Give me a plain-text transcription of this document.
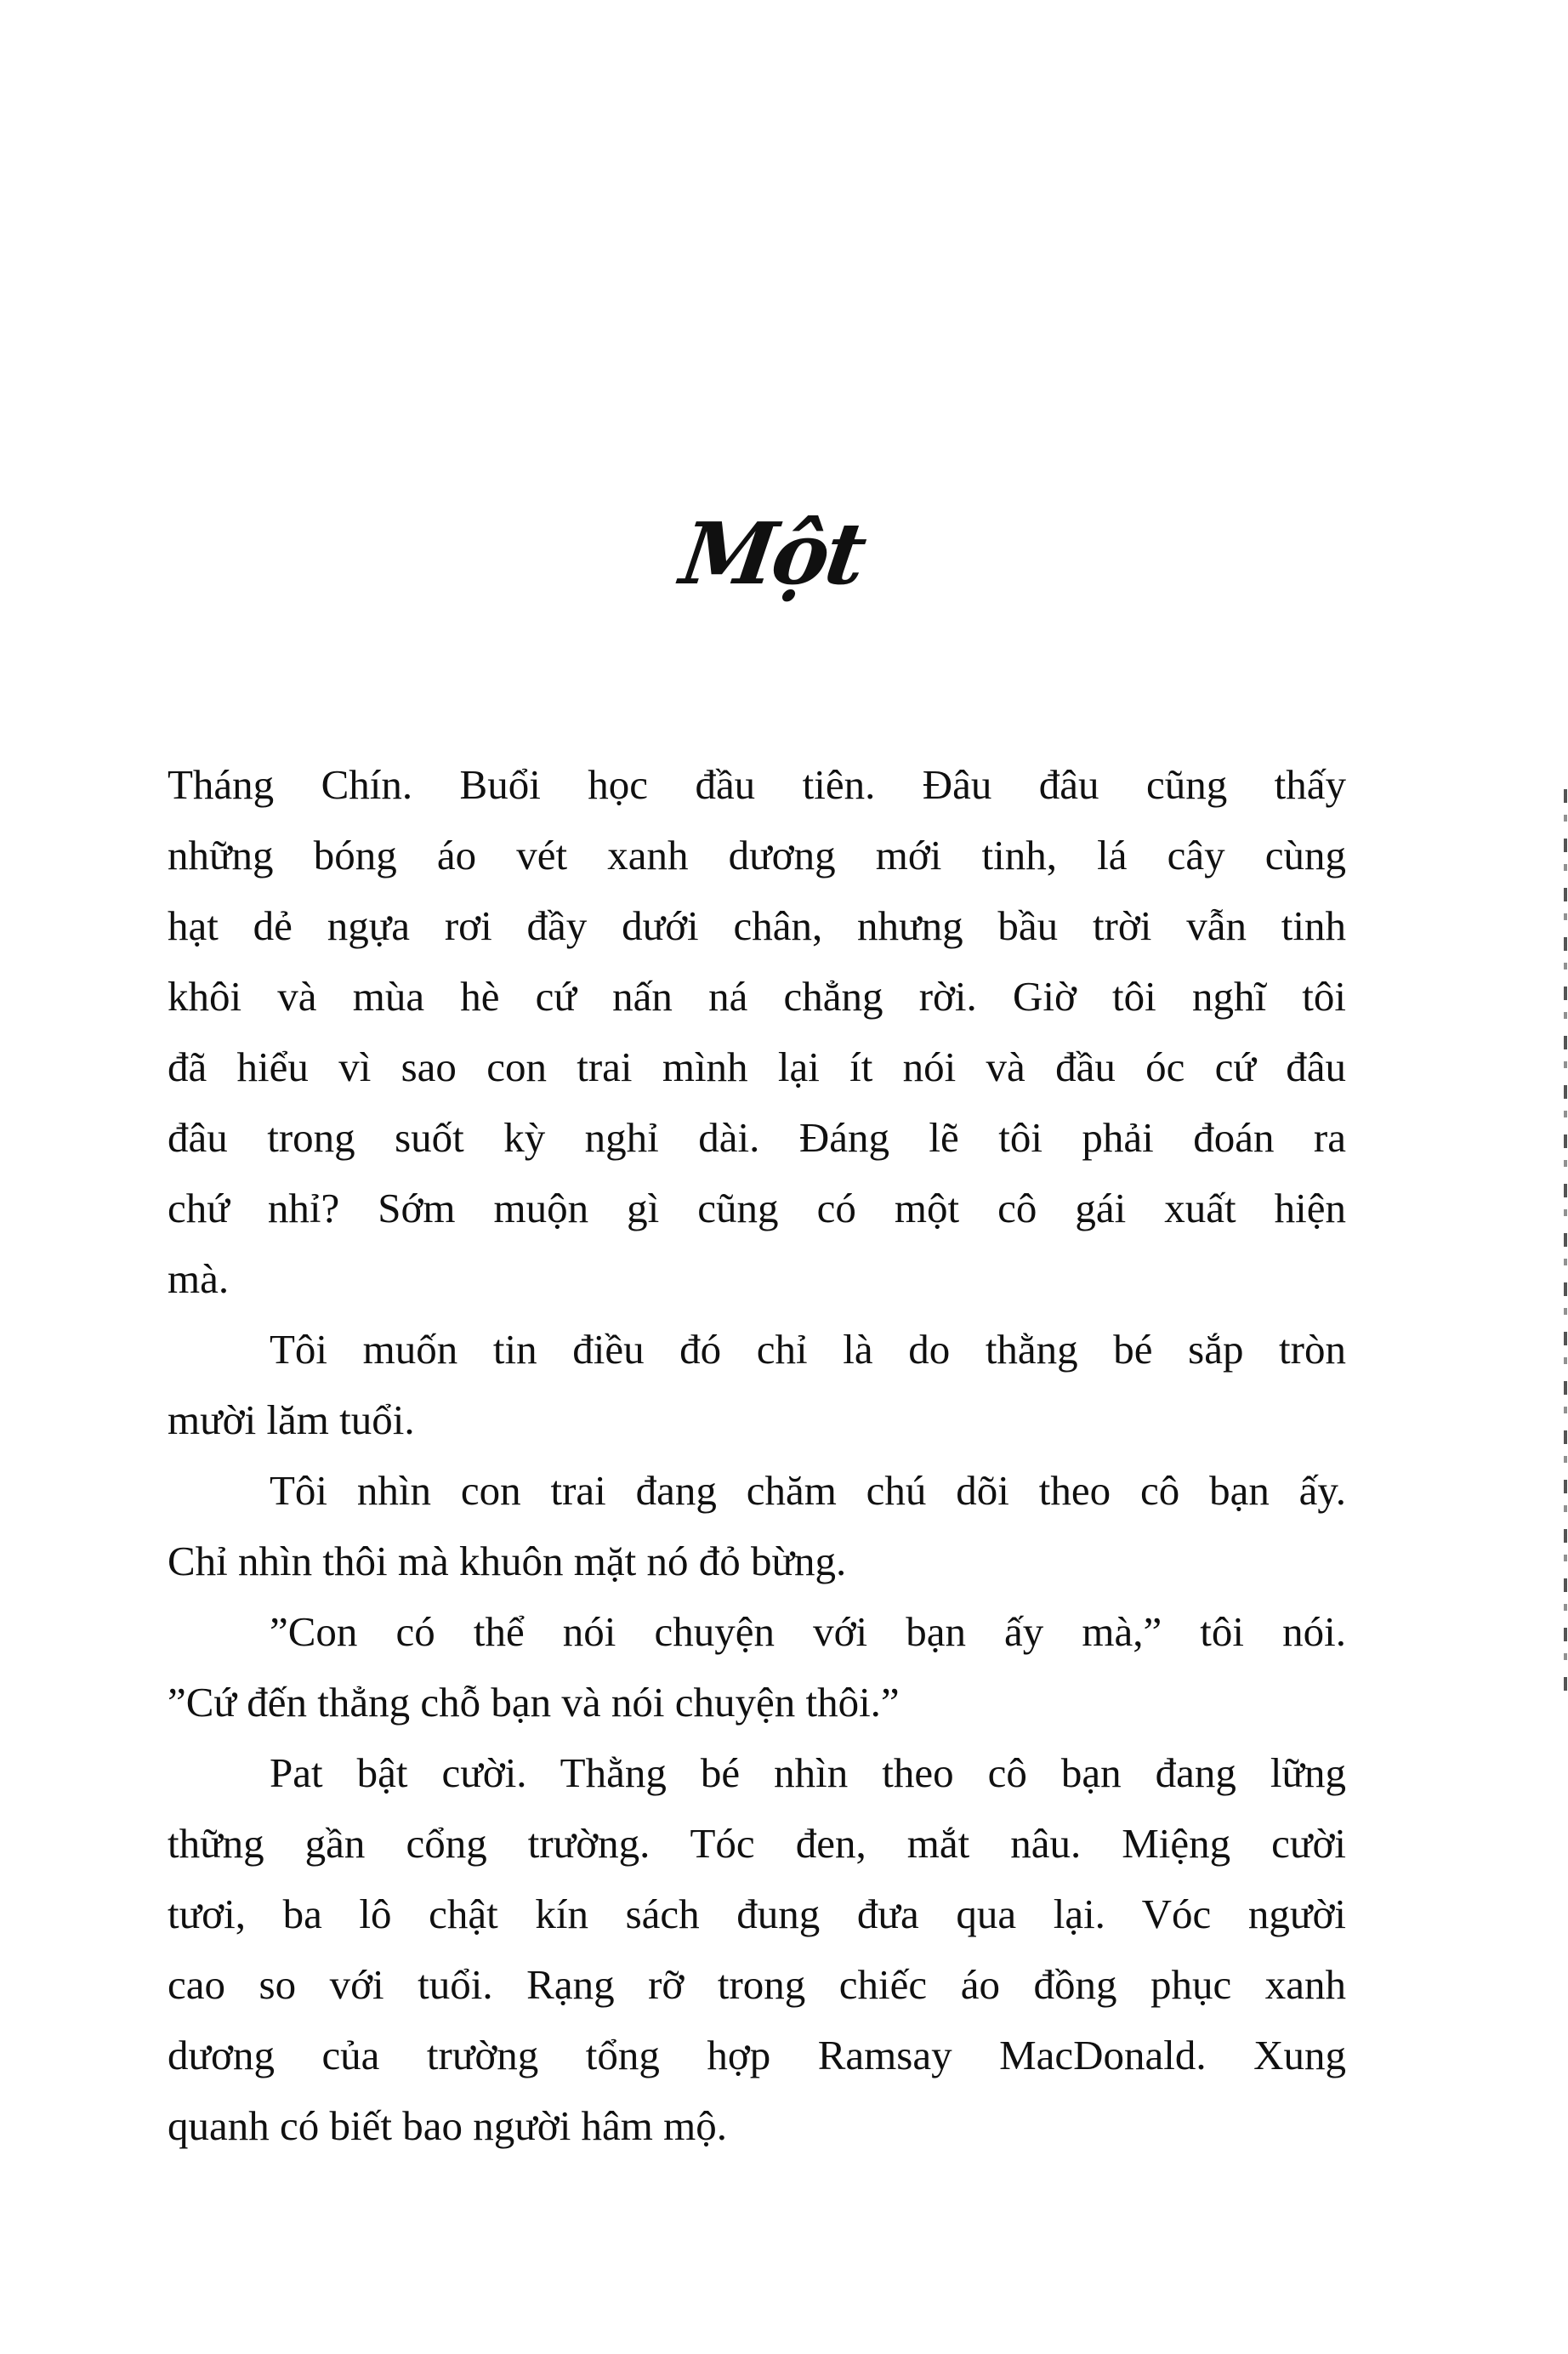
Một
Tháng Chín. Buổi học đầu tiên. Đâu đâu cũng thấy
những bóng áo vét xanh dương mới tinh, lá cây cùng
hạt dẻ ngựa rơi đầy dưới chân, nhưng bầu trời vẫn tinh
khôi và mùa hè cứ nấn ná chẳng rời. Giờ tôi nghĩ tôi
đã hiểu vì sao con trai mình lại ít nói và đầu óc cứ đâu
đâu trong suốt kỳ nghỉ dài. Đáng lẽ tôi phải đoán ra
chứ nhỉ? Sớm muộn gì cũng có một cô gái xuất hiện
mà.
Tôi muốn tin điều đó chỉ là do thằng bé sắp tròn
mười lăm tuổi.
Tôi nhìn con trai đang chăm chú dõi theo cô bạn ấy.
Chỉ nhìn thôi mà khuôn mặt nó đỏ bừng.
”Con có thể nói chuyện với bạn ấy mà,” tôi nói.
”Cứ đến thẳng chỗ bạn và nói chuyện thôi.”
Pat bật cười. Thằng bé nhìn theo cô bạn đang lững
thững gần cổng trường. Tóc đen, mắt nâu. Miệng cười
tươi, ba lô chật kín sách đung đưa qua lại. Vóc người
cao so với tuổi. Rạng rỡ trong chiếc áo đồng phục xanh
dương của trường tổng hợp Ramsay MacDonald. Xung
quanh có biết bao người hâm mộ.
